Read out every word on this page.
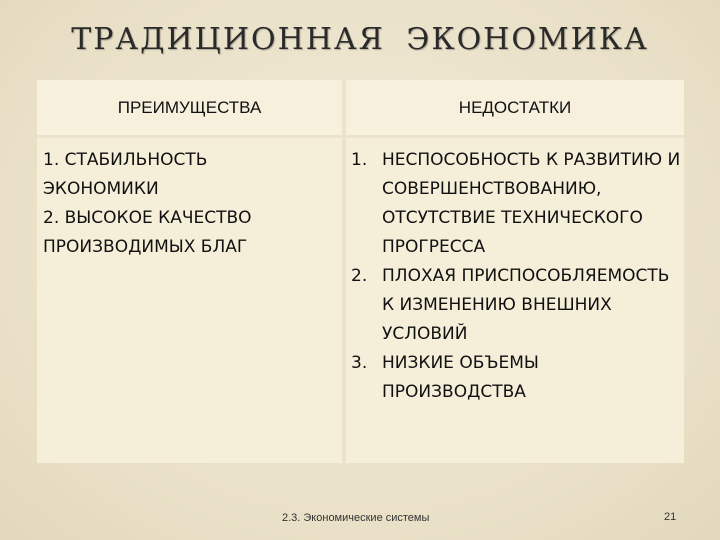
ТРАДИЦИОННАЯ ЭКОНОМИКА
ПРЕИМУЩЕСТВА
1. СТАБИЛЬНОСТЬ
ЭКОНОМИКИ
2. ВЫСОКОЕ КАЧЕСТВО
ПРОИЗВОДИМЫХ БЛАГ
НЕДОСТАТКИ
1. НЕСПОСОБНОСТЬ К РАЗВИТИЮ И СОВЕРШЕНСТВОВАНИЮ, ОТСУТСТВИЕ ТЕХНИЧЕСКОГО ПРОГРЕССА
2. ПЛОХАЯ ПРИСПОСОБЛЯЕМОСТЬ К ИЗМЕНЕНИЮ ВНЕШНИХ УСЛОВИЙ
3. НИЗКИЕ ОБЪЕМЫ ПРОИЗВОДСТВА
2.3. Экономические системы	21
